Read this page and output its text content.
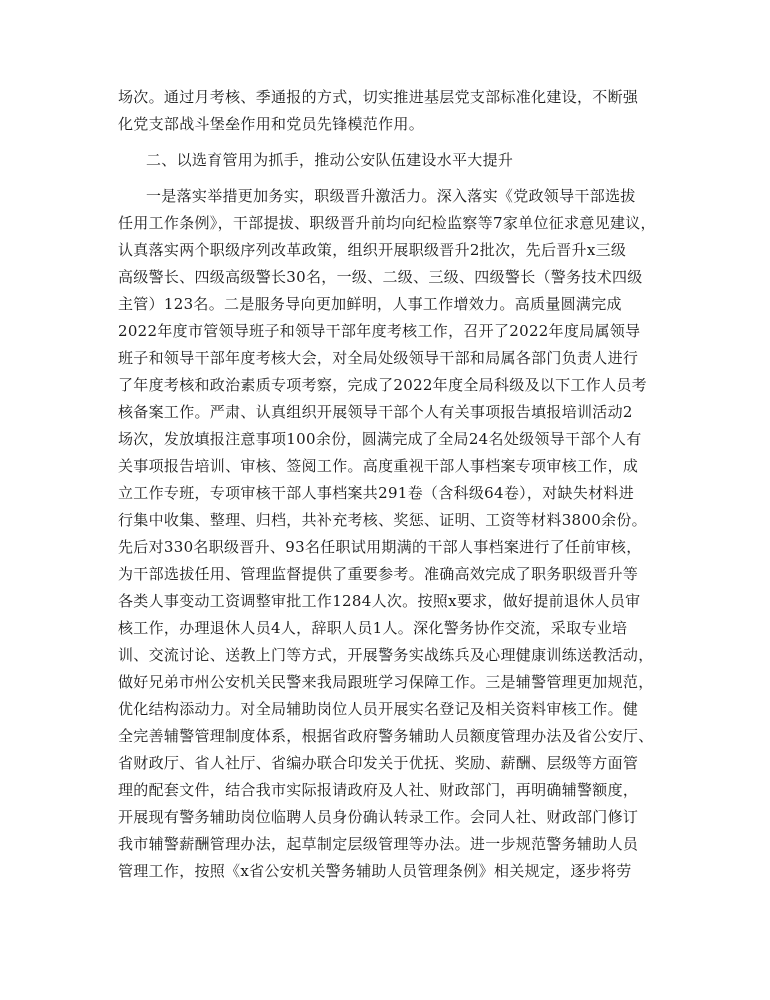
场次。通过月考核、季通报的方式，切实推进基层党支部标准化建设，不断强
化党支部战斗堡垒作用和党员先锋模范作用。
二、以选育管用为抓手，推动公安队伍建设水平大提升
一是落实举措更加务实，职级晋升激活力。深入落实《党政领导干部选拔
任用工作条例》，干部提拔、职级晋升前均向纪检监察等7家单位征求意见建议，
认真落实两个职级序列改革政策，组织开展职级晋升2批次，先后晋升x三级
高级警长、四级高级警长30名，一级、二级、三级、四级警长（警务技术四级
主管）123名。二是服务导向更加鲜明，人事工作增效力。高质量圆满完成
2022年度市管领导班子和领导干部年度考核工作，召开了2022年度局属领导
班子和领导干部年度考核大会，对全局处级领导干部和局属各部门负责人进行
了年度考核和政治素质专项考察，完成了2022年度全局科级及以下工作人员考
核备案工作。严肃、认真组织开展领导干部个人有关事项报告填报培训活动2
场次，发放填报注意事项100余份，圆满完成了全局24名处级领导干部个人有
关事项报告培训、审核、签阅工作。高度重视干部人事档案专项审核工作，成
立工作专班，专项审核干部人事档案共291卷（含科级64卷），对缺失材料进
行集中收集、整理、归档，共补充考核、奖惩、证明、工资等材料3800余份。
先后对330名职级晋升、93名任职试用期满的干部人事档案进行了任前审核，
为干部选拔任用、管理监督提供了重要参考。准确高效完成了职务职级晋升等
各类人事变动工资调整审批工作1284人次。按照x要求，做好提前退休人员审
核工作，办理退休人员4人，辞职人员1人。深化警务协作交流，采取专业培
训、交流讨论、送教上门等方式，开展警务实战练兵及心理健康训练送教活动，
做好兄弟市州公安机关民警来我局跟班学习保障工作。三是辅警管理更加规范，
优化结构添动力。对全局辅助岗位人员开展实名登记及相关资料审核工作。健
全完善辅警管理制度体系，根据省政府警务辅助人员额度管理办法及省公安厅、
省财政厅、省人社厅、省编办联合印发关于优抚、奖励、薪酬、层级等方面管
理的配套文件，结合我市实际报请政府及人社、财政部门，再明确辅警额度，
开展现有警务辅助岗位临聘人员身份确认转录工作。会同人社、财政部门修订
我市辅警薪酬管理办法，起草制定层级管理等办法。进一步规范警务辅助人员
管理工作，按照《x省公安机关警务辅助人员管理条例》相关规定，逐步将劳
